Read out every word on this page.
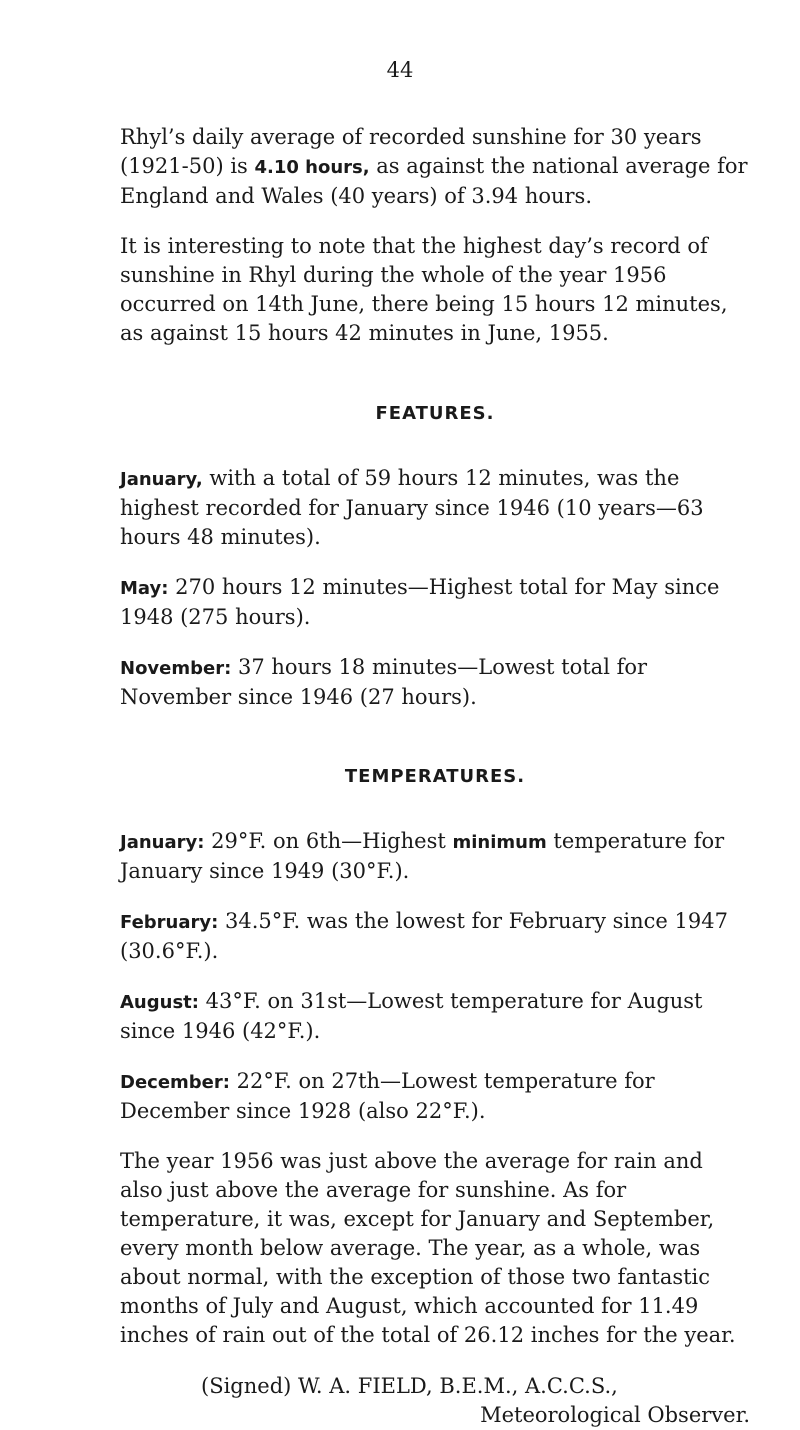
44

Rhyl’s daily average of recorded sunshine for 30 years (1921-50) is 4.10 hours, as against the national average for England and Wales (40 years) of 3.94 hours.

It is interesting to note that the highest day’s record of sunshine in Rhyl during the whole of the year 1956 occurred on 14th June, there being 15 hours 12 minutes, as against 15 hours 42 minutes in June, 1955.

FEATURES.

January, with a total of 59 hours 12 minutes, was the highest recorded for January since 1946 (10 years—63 hours 48 minutes).

May: 270 hours 12 minutes—Highest total for May since 1948 (275 hours).

November: 37 hours 18 minutes—Lowest total for November since 1946 (27 hours).

TEMPERATURES.

January: 29°F. on 6th—Highest minimum temperature for January since 1949 (30°F.).

February: 34.5°F. was the lowest for February since 1947 (30.6°F.).

August: 43°F. on 31st—Lowest temperature for August since 1946 (42°F.).

December: 22°F. on 27th—Lowest temperature for December since 1928 (also 22°F.).

The year 1956 was just above the average for rain and also just above the average for sunshine. As for temperature, it was, except for January and September, every month below average. The year, as a whole, was about normal, with the exception of those two fantastic months of July and August, which accounted for 11.49 inches of rain out of the total of 26.12 inches for the year.

(Signed) W. A. FIELD, B.E.M., A.C.C.S.,
Meteorological Observer.
